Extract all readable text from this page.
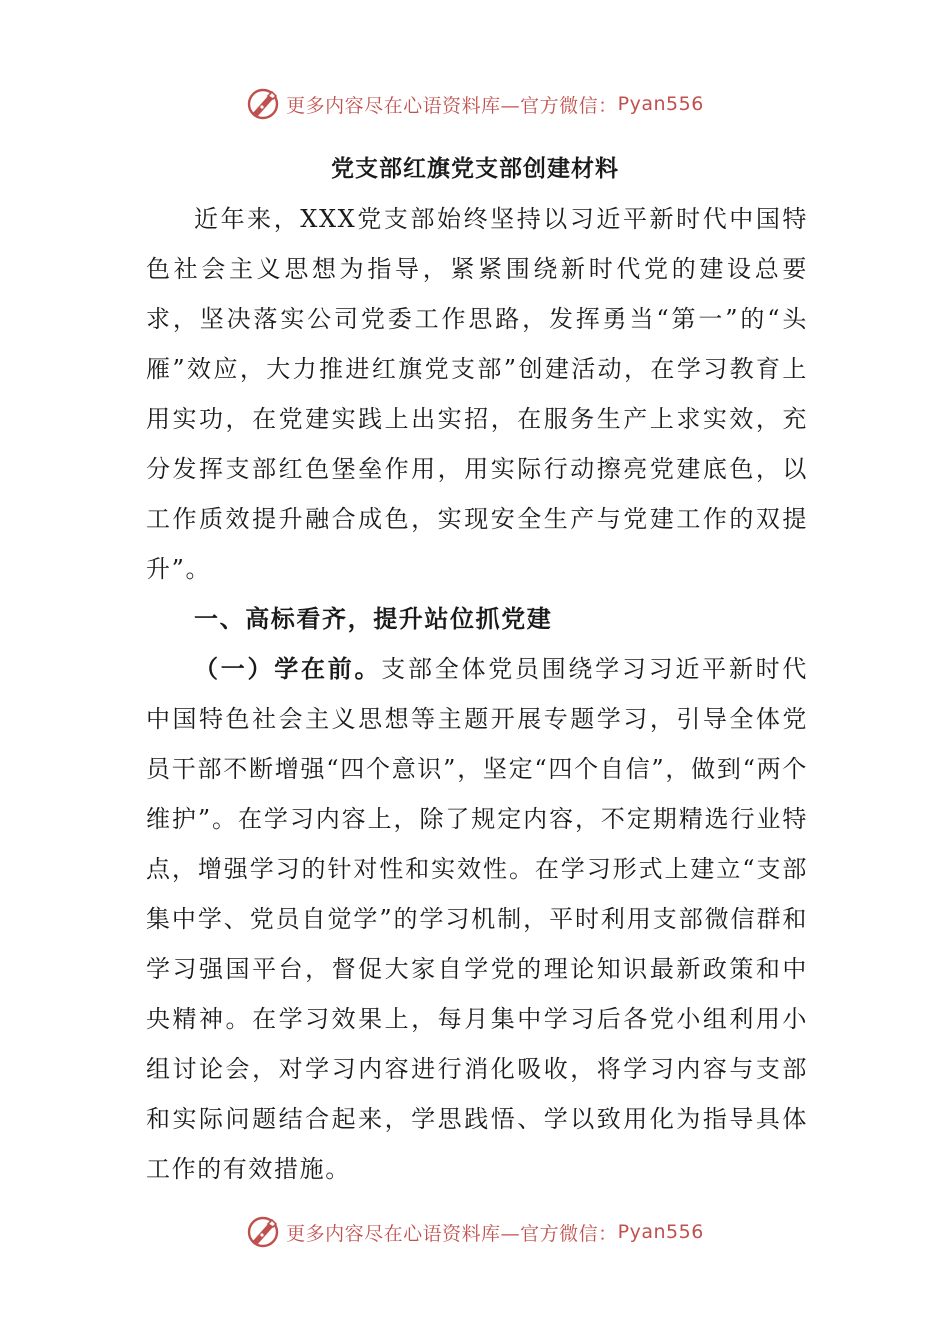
更多内容尽在心语资料库—官方微信： Pyan556
党支部红旗党支部创建材料

近年来，XXX党支部始终坚持以习近平新时代中国特色社会主义思想为指导，紧紧围绕新时代党的建设总要求，坚决落实公司党委工作思路，发挥勇当“第一”的“头雁”效应，大力推进红旗党支部”创建活动，在学习教育上用实功，在党建实践上出实招，在服务生产上求实效，充分发挥支部红色堡垒作用，用实际行动擦亮党建底色，以工作质效提升融合成色，实现安全生产与党建工作的双提升”。

一、高标看齐，提升站位抓党建

（一）学在前。支部全体党员围绕学习习近平新时代中国特色社会主义思想等主题开展专题学习，引导全体党员干部不断增强“四个意识”，坚定“四个自信”，做到“两个维护”。在学习内容上，除了规定内容，不定期精选行业特点，增强学习的针对性和实效性。在学习形式上建立“支部集中学、党员自觉学”的学习机制，平时利用支部微信群和学习强国平台，督促大家自学党的理论知识最新政策和中央精神。在学习效果上，每月集中学习后各党小组利用小组讨论会，对学习内容进行消化吸收，将学习内容与支部和实际问题结合起来，学思践悟、学以致用化为指导具体工作的有效措施。

更多内容尽在心语资料库—官方微信： Pyan556
